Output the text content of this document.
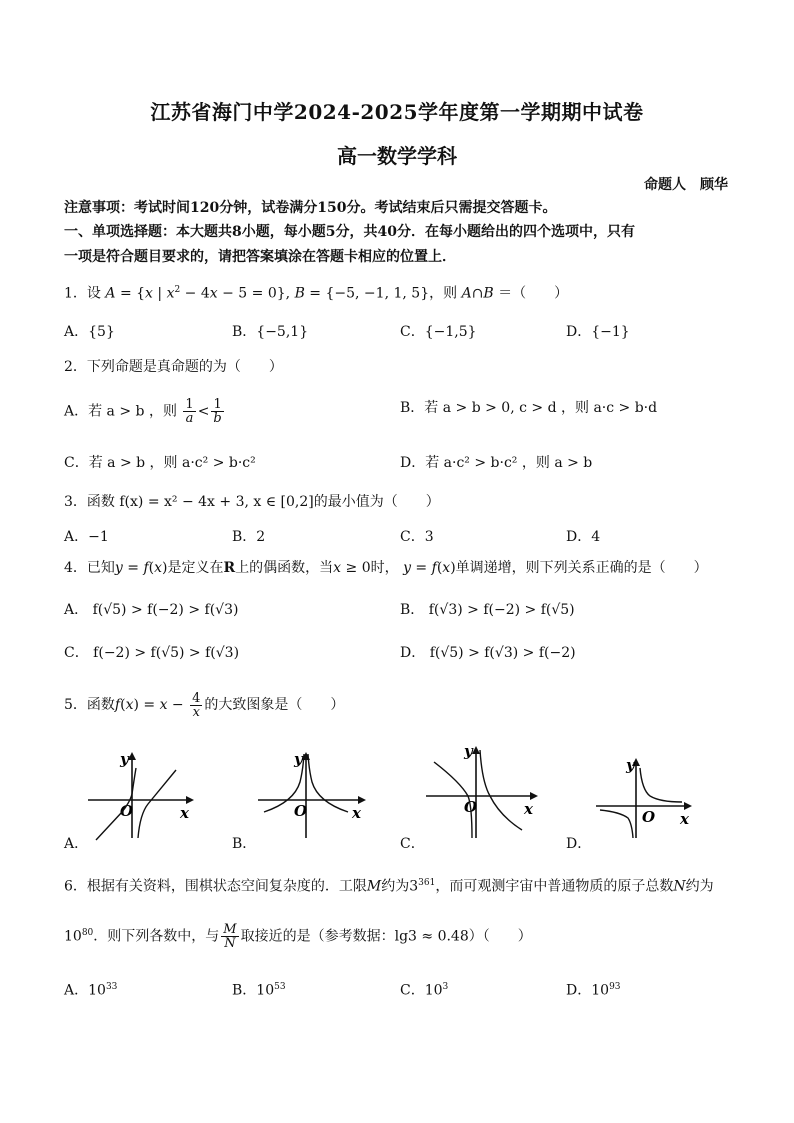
江苏省海门中学2024-2025学年度第一学期期中试卷
高一数学学科
命题人　顾华
注意事项：考试时间120分钟，试卷满分150分。考试结束后只需提交答题卡。
一、单项选择题：本大题共8小题，每小题5分，共40分．在每小题给出的四个选项中，只有
一项是符合题目要求的，请把答案填涂在答题卡相应的位置上．
1．设 A = {x | $x^2 - 4x - 5 = 0$}, B = {−5, −1, 1, 5}，则 A∩B ＝（　　）
A．{5}	B．{−5,1}	C．{−1,5}	D．{−1}
2．下列命题是真命题的为（　　）
A．若 a > b ，则 $\frac{1}{a} < \frac{1}{b}$	B．若 a > b > 0, c > d ，则 a·c > b·d
C．若 a > b ，则 a·c² > b·c²	D．若 a·c² > b·c² ，则 a > b
3．函数 f(x) = x² − 4x + 3, x ∈ [0,2]的最小值为（　　）
A．−1	B．2	C．3	D．4
4．已知y = f(x)是定义在R上的偶函数，当x ≥ 0时， y = f(x)单调递增，则下列关系正确的是（　　）
A． f(√5) > f(−2) > f(√3)	B． f(√3) > f(−2) > f(√5)
C． f(−2) > f(√5) > f(√3)	D． f(√5) > f(√3) > f(−2)
5．函数$f(x) = x - \frac{4}{x}$ 的大致图象是（　　）
y
O	x
A．
y
O	x
B．
y
O	x
C．
y
O x
D．
6．根据有关资料，围棋状态空间复杂度的．工限M约为$3^{361}$，而可观测宇宙中普通物质的原子总数N约为
$10^{80}$．则下列各数中，与 $\frac{M}{N}$ 取接近的是（参考数据：lg3 ≈ 0.48）（　　）
A．$10^{33}$	B．$10^{53}$	C．$10^3$	D．$10^{93}$
